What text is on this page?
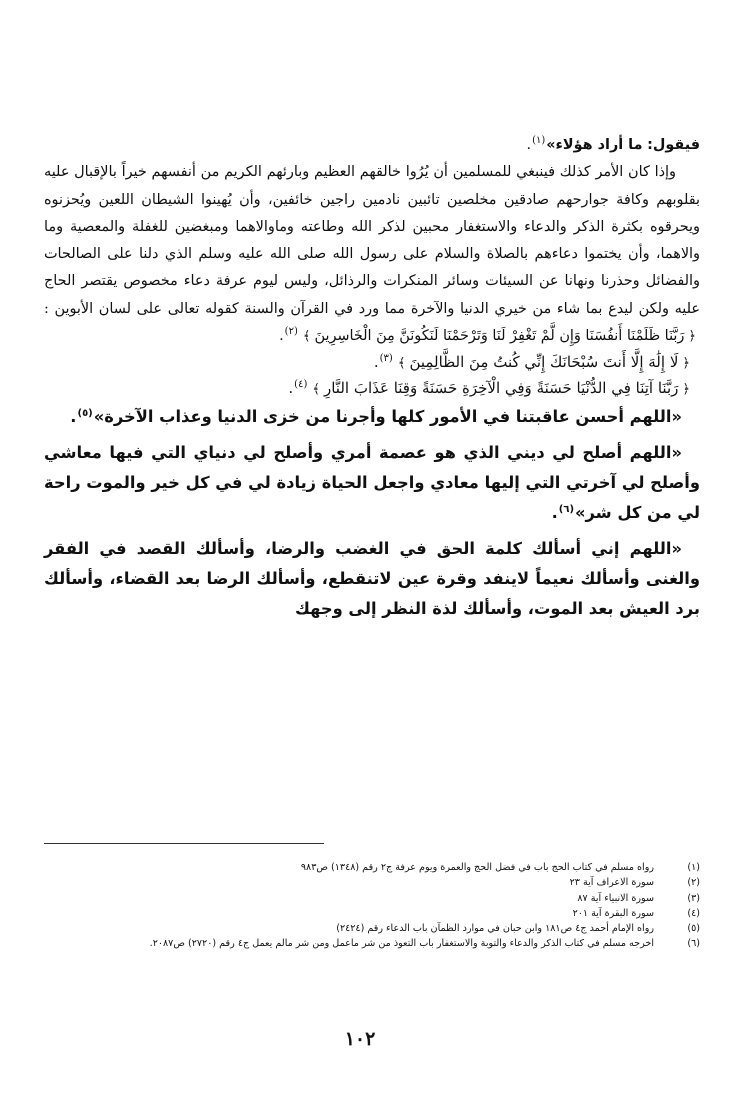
فيقول: ما أراد هؤلاء»$^{(١)}$.

وإذا كان الأمر كذلك فينبغي للمسلمين أن يُرُوا خالقهم العظيم وبارئهم الكريم من أنفسهم خيراً بالإقبال عليه بقلوبهم وكافة جوارحهم صادقين مخلصين تائبين نادمين راجين خائفين، وأن يُهينوا الشيطان اللعين ويُحزنوه ويحرقوه بكثرة الذكر والدعاء والاستغفار محبين لذكر الله وطاعته وماوالاهما ومبغضين للغفلة والمعصية وما والاهما، وأن يختموا دعاءهم بالصلاة والسلام على رسول الله صلى الله عليه وسلم الذي دلنا على الصالحات والفضائل وحذرنا ونهانا عن السيئات وسائر المنكرات والرذائل، وليس ليوم عرفة دعاء مخصوص يقتصر الحاج عليه ولكن ليدع بما شاء من خيري الدنيا والآخرة مما ورد في القرآن والسنة كقوله تعالى على لسان الأبوين : ﴿رَبَّنَا ظَلَمْنَا أَنفُسَنَا وَإِن لَّمْ تَغْفِرْ لَنَا وَتَرْحَمْنَا لَنَكُونَنَّ مِنَ الْخَاسِرِينَ﴾$^{(٢)}$.

﴿لَا إِلَٰهَ إِلَّا أَنتَ سُبْحَانَكَ إِنِّي كُنتُ مِنَ الظَّالِمِينَ﴾$^{(٣)}$.
﴿رَبَّنَا آتِنَا فِي الدُّنْيَا حَسَنَةً وَفِي الْآخِرَةِ حَسَنَةً وَقِنَا عَذَابَ النَّارِ﴾$^{(٤)}$.

«اللهم أحسن عاقبتنا في الأمور كلها وأجرنا من خزى الدنيا وعذاب الآخرة»$^{(٥)}$.

«اللهم أصلح لي ديني الذي هو عصمة أمري وأصلح لي دنياي التي فيها معاشي وأصلح لي آخرتي التي إليها معادي واجعل الحياة زيادة لي في كل خير والموت راحة لي من كل شر»$^{(٦)}$.

«اللهم إني أسألك كلمة الحق في الغضب والرضا، وأسألك القصد في الفقر والغنى وأسألك نعيماً لاينفد وقرة عين لاتنقطع، وأسألك الرضا بعد القضاء، وأسألك برد العيش بعد الموت، وأسألك لذة النظر إلى وجهك

(١)
رواه مسلم في كتاب الحج باب في فضل الحج والعمرة ويوم عرفة ج٢ رقم (١٣٤٨) ص٩٨٣
(٢)
سورة الاعراف آية ٢٣
(٣)
سورة الانبياء آية ٨٧
(٤)
سورة البقرة آية ٢٠١
(٥)
رواه الإمام أحمد ج٤ ص١٨١ وابن حبان في موارد الظمآن باب الدعاء رقم (٢٤٢٤)
(٦)
اخرجه مسلم في كتاب الذكر والدعاء والتوبة والاستغفار باب التعوذ من شر ماعمل ومن شر مالم يعمل ج٤ رقم (٢٧٢٠) ص٢٠٨٧.
١٠٢
